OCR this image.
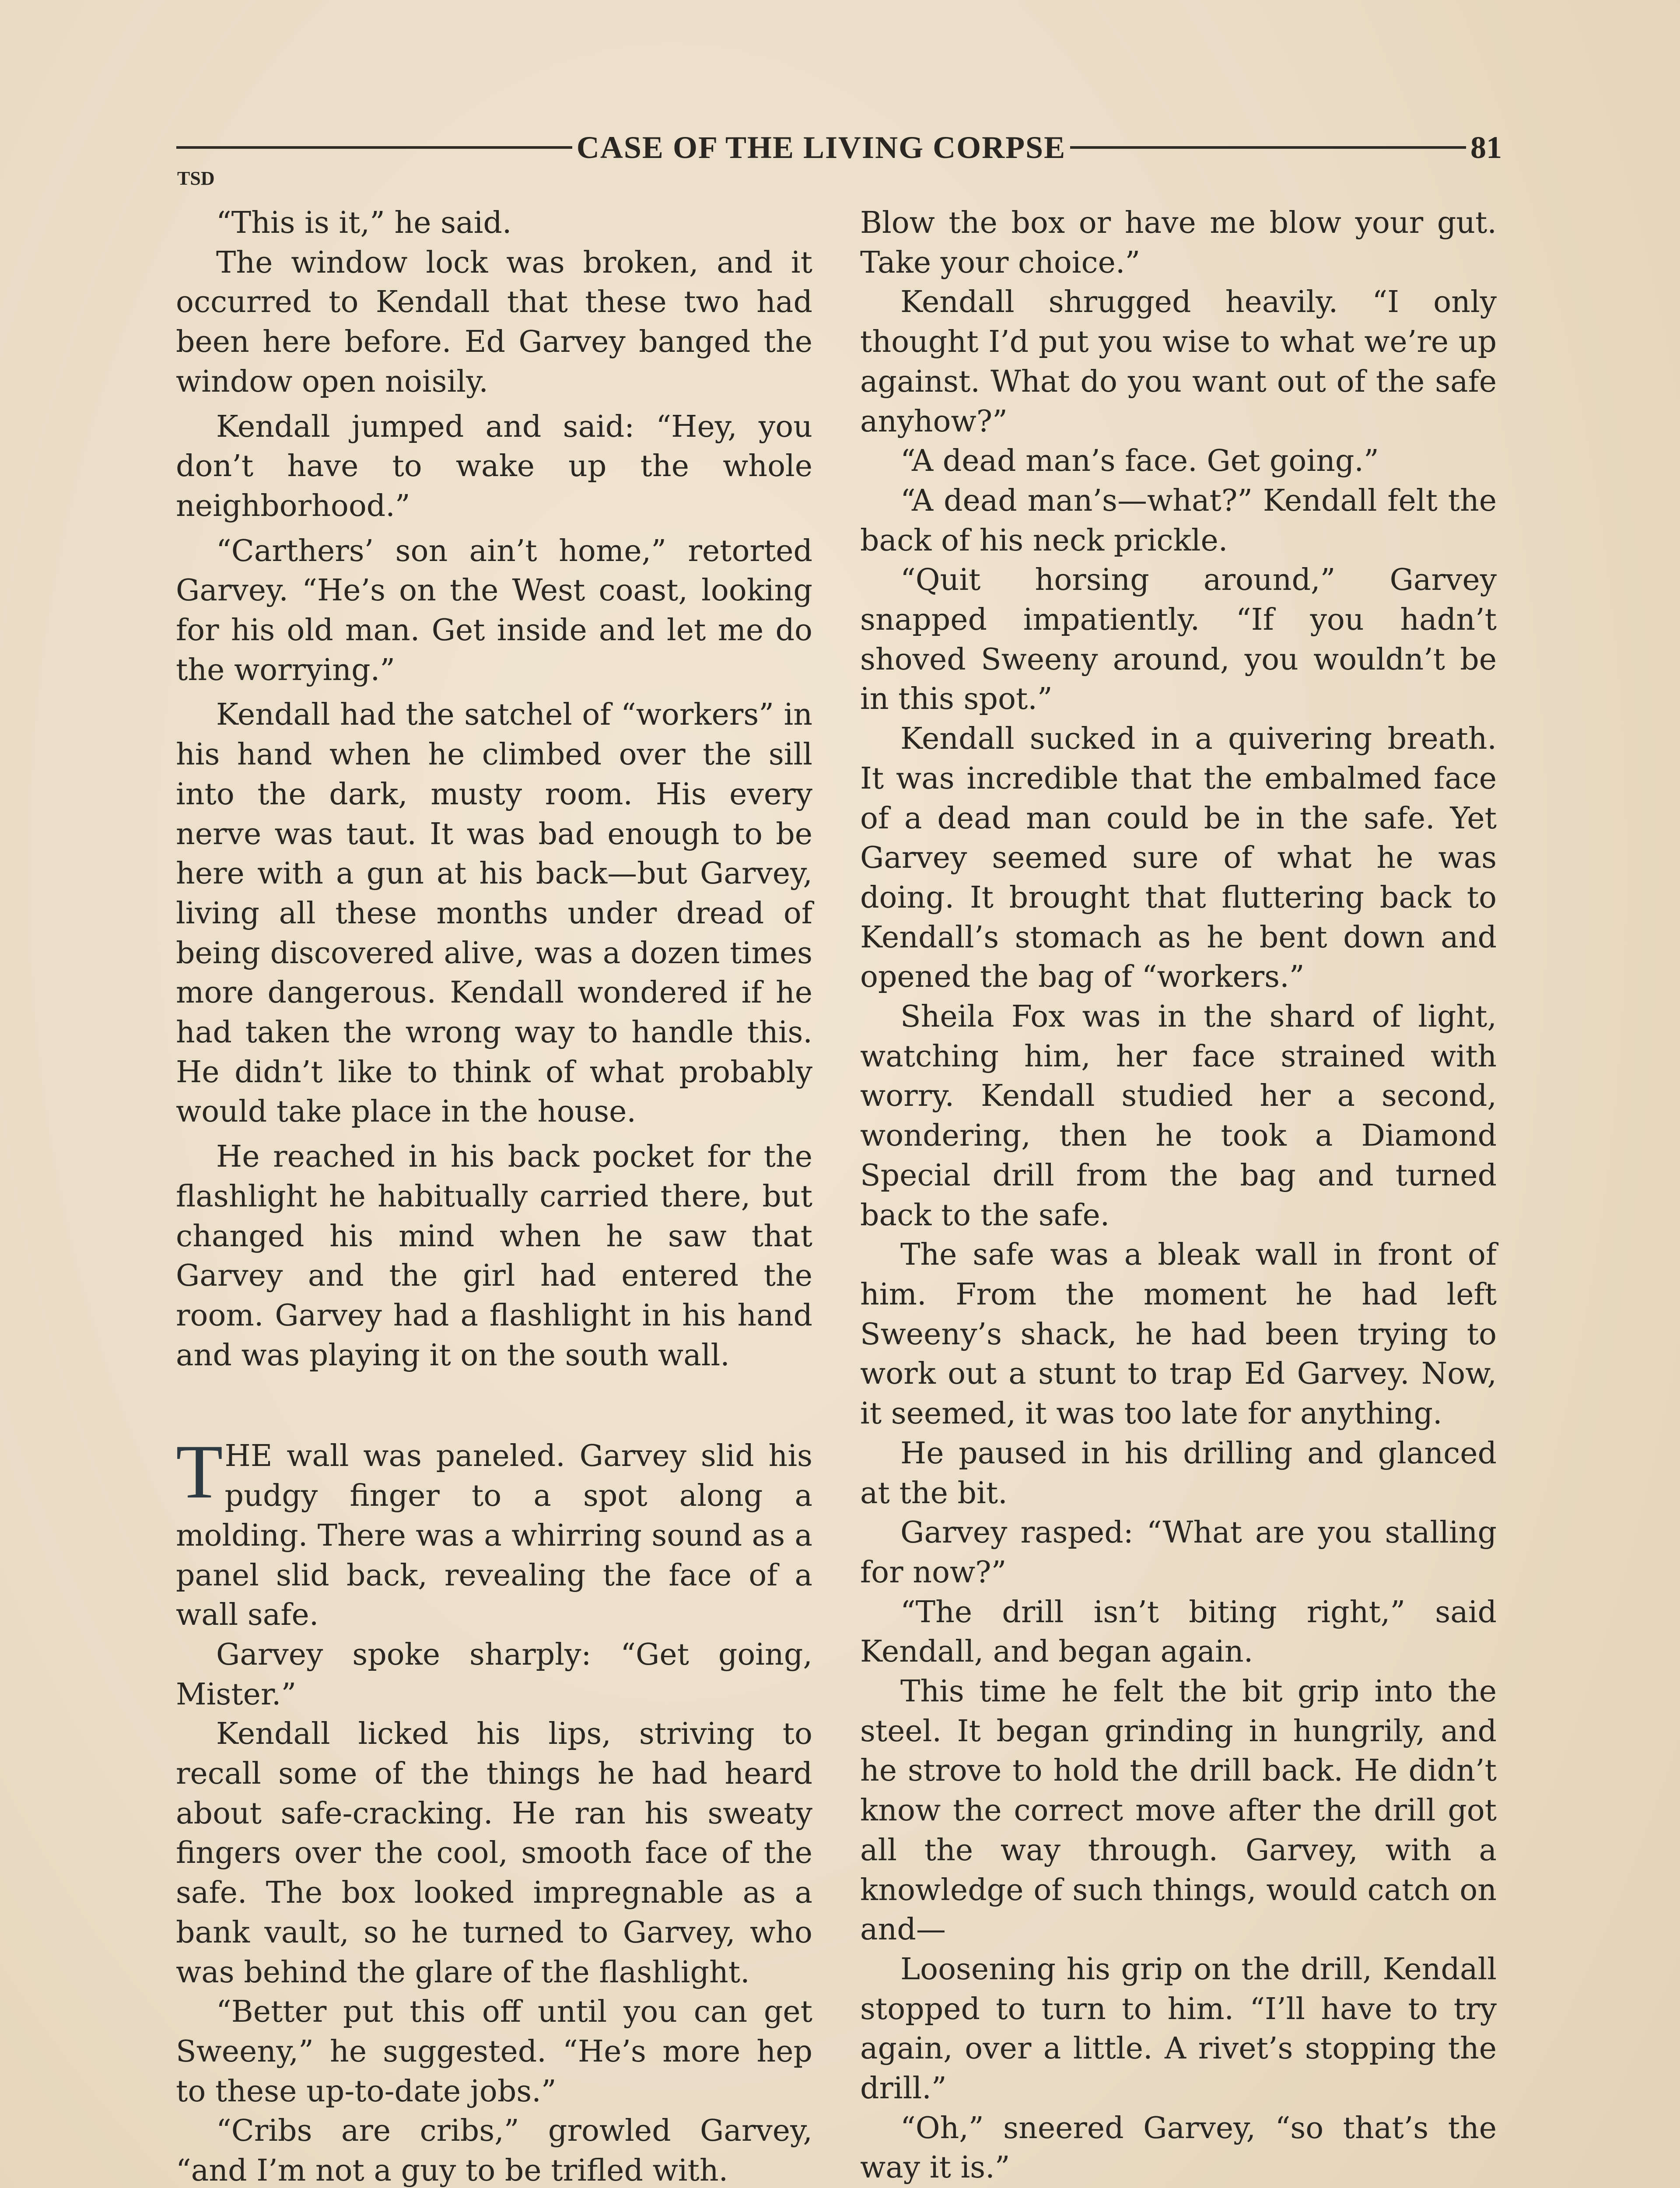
CASE OF THE LIVING CORPSE	81
TSD

“This is it,” he said.

The window lock was broken, and it occurred to Kendall that these two had been here before. Ed Garvey banged the window open noisily.

Kendall jumped and said: “Hey, you don’t have to wake up the whole neighborhood.”

“Carthers’ son ain’t home,” retorted Garvey. “He’s on the West coast, looking for his old man. Get inside and let me do the worrying.”

Kendall had the satchel of “workers” in his hand when he climbed over the sill into the dark, musty room. His every nerve was taut. It was bad enough to be here with a gun at his back—but Garvey, living all these months under dread of being discovered alive, was a dozen times more dangerous. Kendall wondered if he had taken the wrong way to handle this. He didn’t like to think of what probably would take place in the house.

He reached in his back pocket for the flashlight he habitually carried there, but changed his mind when he saw that Garvey and the girl had entered the room. Garvey had a flashlight in his hand and was playing it on the south wall.

THE wall was paneled. Garvey slid his pudgy finger to a spot along a molding. There was a whirring sound as a panel slid back, revealing the face of a wall safe.

Garvey spoke sharply: “Get going, Mister.”

Kendall licked his lips, striving to recall some of the things he had heard about safe-cracking. He ran his sweaty fingers over the cool, smooth face of the safe. The box looked impregnable as a bank vault, so he turned to Garvey, who was behind the glare of the flashlight.

“Better put this off until you can get Sweeny,” he suggested. “He’s more hep to these up-to-date jobs.”

“Cribs are cribs,” growled Garvey, “and I’m not a guy to be trifled with.

Blow the box or have me blow your gut. Take your choice.”

Kendall shrugged heavily. “I only thought I’d put you wise to what we’re up against. What do you want out of the safe anyhow?”

“A dead man’s face. Get going.”

“A dead man’s—what?” Kendall felt the back of his neck prickle.

“Quit horsing around,” Garvey snapped impatiently. “If you hadn’t shoved Sweeny around, you wouldn’t be in this spot.”

Kendall sucked in a quivering breath. It was incredible that the embalmed face of a dead man could be in the safe. Yet Garvey seemed sure of what he was doing. It brought that fluttering back to Kendall’s stomach as he bent down and opened the bag of “workers.”

Sheila Fox was in the shard of light, watching him, her face strained with worry. Kendall studied her a second, wondering, then he took a Diamond Special drill from the bag and turned back to the safe.

The safe was a bleak wall in front of him. From the moment he had left Sweeny’s shack, he had been trying to work out a stunt to trap Ed Garvey. Now, it seemed, it was too late for anything.

He paused in his drilling and glanced at the bit.

Garvey rasped: “What are you stalling for now?”

“The drill isn’t biting right,” said Kendall, and began again.

This time he felt the bit grip into the steel. It began grinding in hungrily, and he strove to hold the drill back. He didn’t know the correct move after the drill got all the way through. Garvey, with a knowledge of such things, would catch on and—

Loosening his grip on the drill, Kendall stopped to turn to him. “I’ll have to try again, over a little. A rivet’s stopping the drill.”

“Oh,” sneered Garvey, “so that’s the way it is.”
